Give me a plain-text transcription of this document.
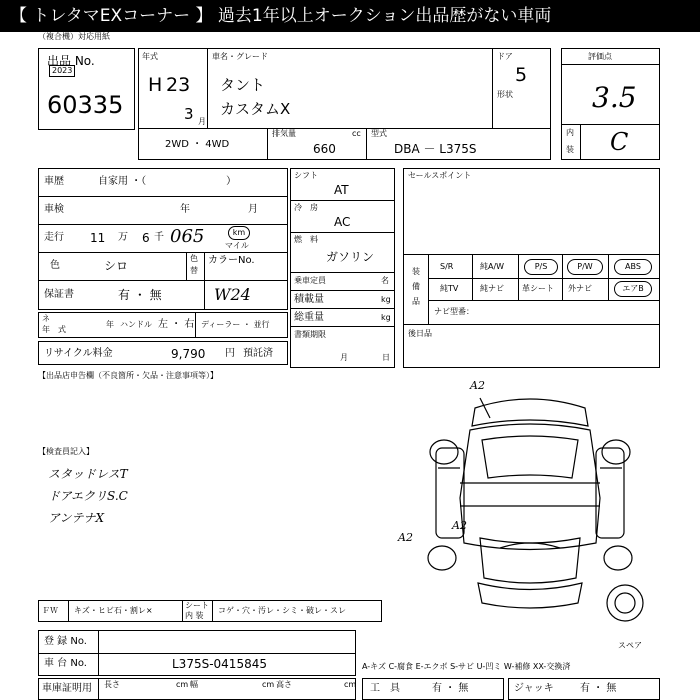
【 トレタマEXコーナー 】 過去1年以上オークション出品歴がない車両
（複合機）対応用紙
出品 No.
2023
60335
年式
H 23
3 月
車名・グレード
タント
カスタムX
ドア
5
形状
2WD ・ 4WD
排気量	cc
660
型式
DBA － L375S
評価点
3.5
内
装 C
車歴	自家用 ・（　　　　　　　　）
車検	年	月
走行 11 万 6 千 065	km
マイル
色	シロ
色
替
カラーNo.
保証書	有 ・ 無	W24
ネ
年　式
年 ハンドル 左 ・ 右 ディーラー ・ 並行
リサイクル料金	9,790 円 預託済
シフト
AT
冷　房
AC
燃　料
ガソリン
乗車定員	名
積載量	kg
総重量	kg
書類期限
月	日
セールスポイント
装
備
品
S/R	純A/W	P/S	P/W	ABS
純TV	純ナビ 革シート 外ナビ	エアB
ナビ型番：
後日品
【出品店申告欄（不良箇所・欠品・注意事項等）】
【検査員記入】
スタッドレスT
ドアエクリS.C
アンテナX
A2
A2
A2
スペア
ＦＷ キズ・ヒビ石・割レ×
シート
内 装
コゲ・穴・汚レ・シミ・破レ・スレ
登 録 No.
車 台 No.	L375S-0415845	A-キズ C-腐食 E-エクボ S-サビ U-凹ミ W-補修 XX-交換済
車庫証明用 長さ	cm 幅	cm 高さ	cm 工　具	有 ・ 無	ジャッキ	有 ・ 無
